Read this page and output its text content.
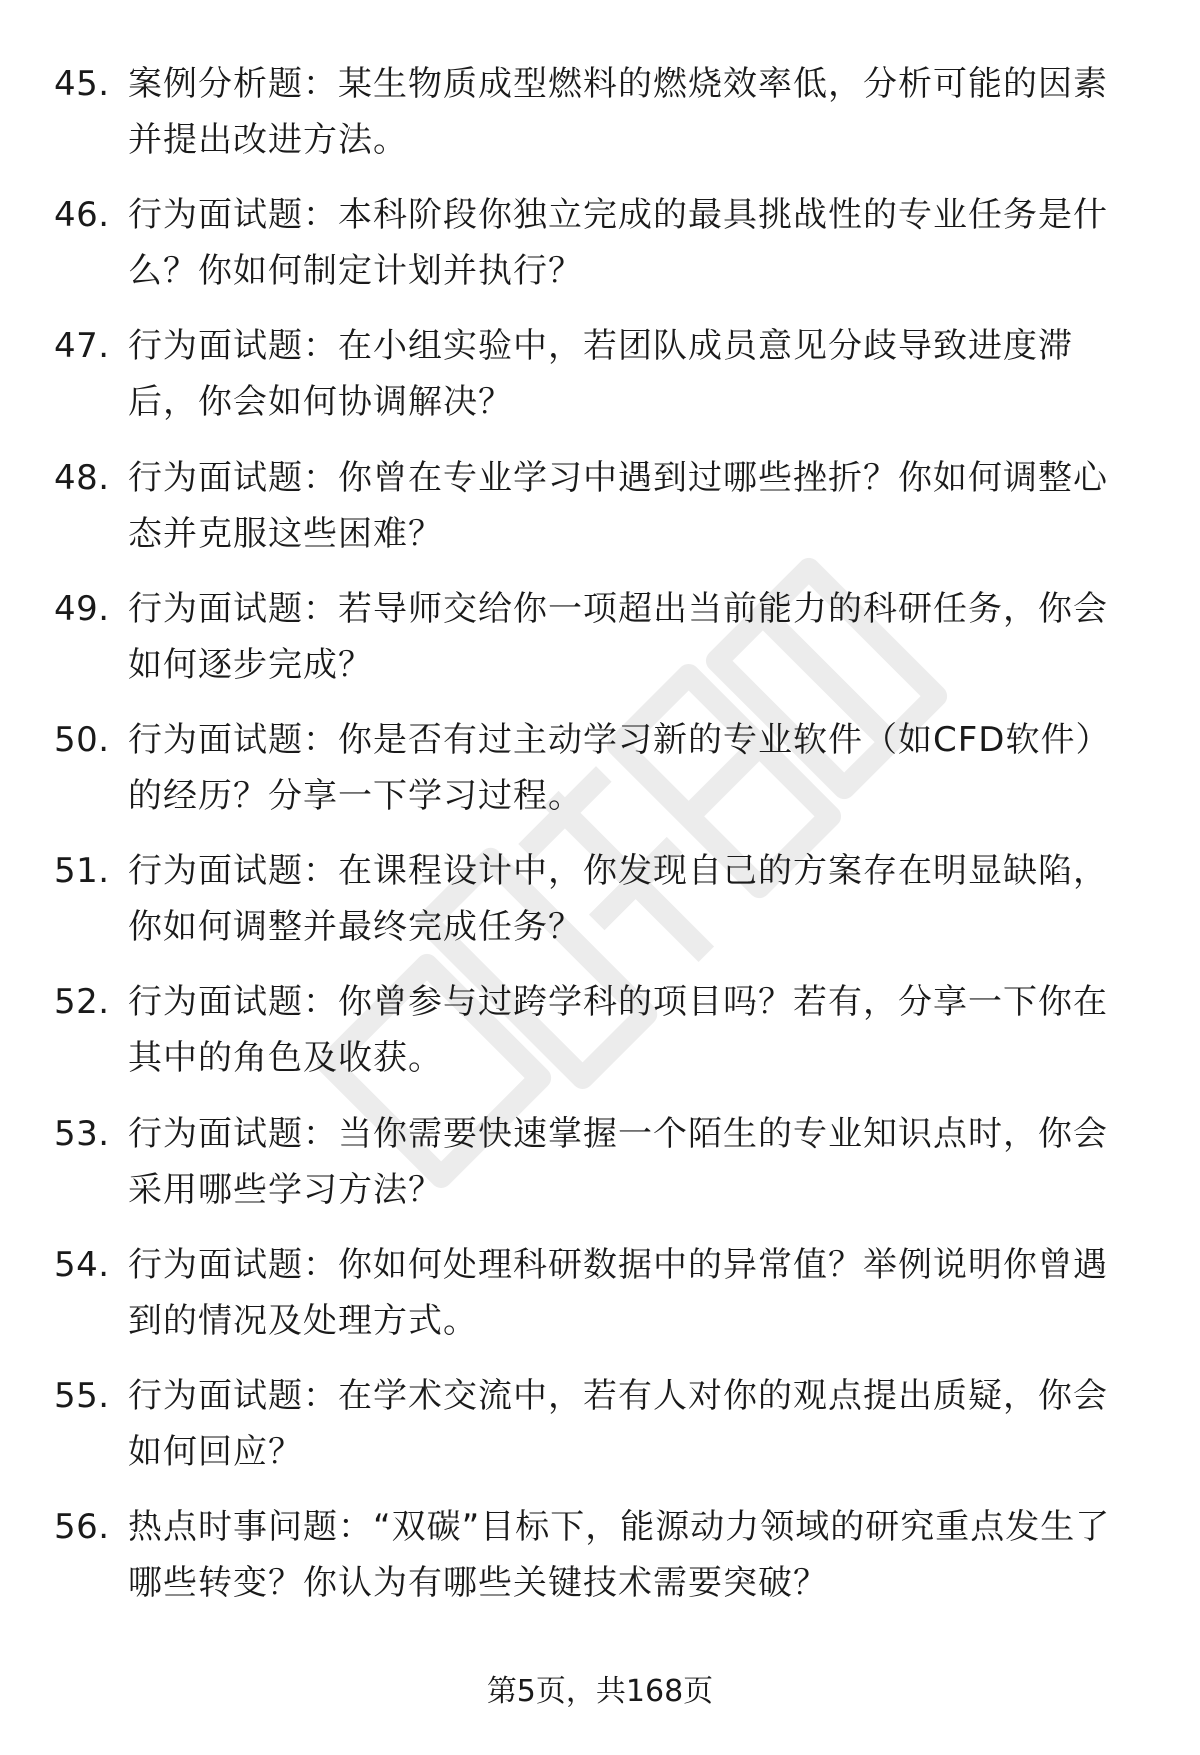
45. 案例分析题：某生物质成型燃料的燃烧效率低，分析可能的因素并提出改进方法。
46. 行为面试题：本科阶段你独立完成的最具挑战性的专业任务是什么？你如何制定计划并执行？
47. 行为面试题：在小组实验中，若团队成员意见分歧导致进度滞后，你会如何协调解决？
48. 行为面试题：你曾在专业学习中遇到过哪些挫折？你如何调整心态并克服这些困难？
49. 行为面试题：若导师交给你一项超出当前能力的科研任务，你会如何逐步完成？
50. 行为面试题：你是否有过主动学习新的专业软件（如CFD软件）的经历？分享一下学习过程。
51. 行为面试题：在课程设计中，你发现自己的方案存在明显缺陷，你如何调整并最终完成任务？
52. 行为面试题：你曾参与过跨学科的项目吗？若有，分享一下你在其中的角色及收获。
53. 行为面试题：当你需要快速掌握一个陌生的专业知识点时，你会采用哪些学习方法？
54. 行为面试题：你如何处理科研数据中的异常值？举例说明你曾遇到的情况及处理方式。
55. 行为面试题：在学术交流中，若有人对你的观点提出质疑，你会如何回应？
56. 热点时事问题：“双碳”目标下，能源动力领域的研究重点发生了哪些转变？你认为有哪些关键技术需要突破？
第5页，共168页
